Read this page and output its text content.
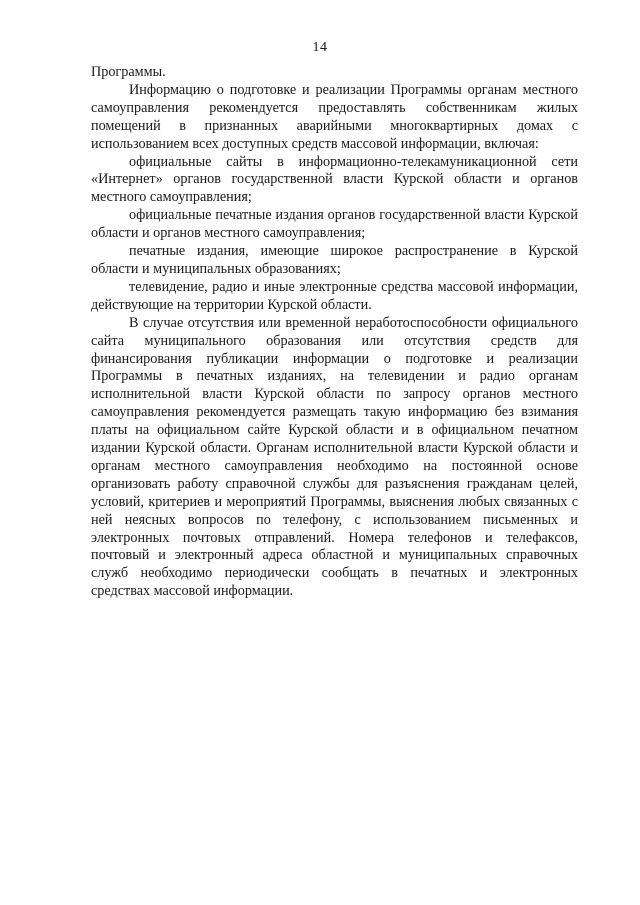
14

Программы.

Информацию о подготовке и реализации Программы органам местного самоуправления рекомендуется предоставлять собственникам жилых помещений в признанных аварийными многоквартирных домах с использованием всех доступных средств массовой информации, включая:

официальные сайты в информационно-телекамуникационной сети «Интернет» органов государственной власти Курской области и органов местного самоуправления;

официальные печатные издания органов государственной власти Курской области и органов местного самоуправления;

печатные издания, имеющие широкое распространение в Курской области и муниципальных образованиях;

телевидение, радио и иные электронные средства массовой информации, действующие на территории Курской области.

В случае отсутствия или временной неработоспособности официального сайта муниципального образования или отсутствия средств для финансирования публикации информации о подготовке и реализации Программы в печатных изданиях, на телевидении и радио органам исполнительной власти Курской области по запросу органов местного самоуправления рекомендуется размещать такую информацию без взимания платы на официальном сайте Курской области и в официальном печатном издании Курской области. Органам исполнительной власти Курской области и органам местного самоуправления необходимо на постоянной основе организовать работу справочной службы для разъяснения гражданам целей, условий, критериев и мероприятий Программы, выяснения любых связанных с ней неясных вопросов по телефону, с использованием письменных и электронных почтовых отправлений. Номера телефонов и телефаксов, почтовый и электронный адреса областной и муниципальных справочных служб необходимо периодически сообщать в печатных и электронных средствах массовой информации.
